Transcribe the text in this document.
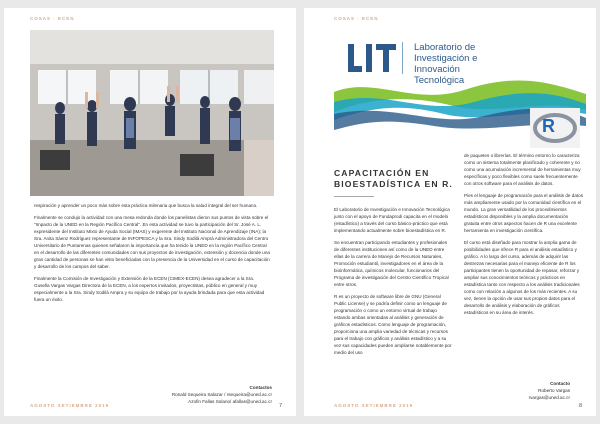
COSAS · ECEN

respiración y aprender un poco más sobre esta práctica milenaria que busca la salud integral del ser humano.

Finalmente se condujo la actividad con una mesa redonda donde los panelistas dieron sus puntos de vista sobre el "Impacto de la UNED en la Región Pacífico Central". En esta actividad se tuvo la participación del Sr. José A. L. expresidente del Instituto Mixto de Ayuda Social (IMAS) y exgerente del Instituto Nacional de Aprendizaje (INA); la Sra. Anita Sáenz Rodríguez representante de INFOPESCA y la Sra. Sindy Sodilá Amprá Administradora del Centro Universitario de Puntarenas quienes señalaron la importancia que ha tenido la UNED en la región Pacífico Central en el desarrollo de las diferentes comunidades con sus proyectos de investigación, extensión y docencia donde una gran cantidad de personas se han visto beneficiadas con la presencia de la Universidad en el curso de capacitación y desarrollo de los campos del saber.

Finalmente la Comisión de Investigación y Extensión de la ECEN (CIMEX-ECEN) desea agradecer a la Sra. Gusella Vargas Vargas Directora de la ECEN, a los expertos invitados, proyectistas, público en general y muy especialmente a la Sra. Sindy Sodilá Ampra y su equipo de trabajo por la ayuda brindada para que esta actividad fuera un éxito.

Contactos
Ronald Sequeira Salazar / rsequeira@uned.ac.cr
Azofin Fallas Solano/ afallas@uned.ac.cr
AGOSTO SETIEMBRE 2019	7
COSAS · ECEN
Laboratorio de
Investigación e
Innovación
Tecnológica
R
CAPACITACIÓN EN BIOESTADÍSTICA EN R.

El Laboratorio de Investigación e Innovación Tecnológica junto con el apoyo de Fundaprodi capacita en el modelo (estadístico) a través del curso básico-práctico que está implementando actualmente sobre bioestadística en R.

Se encuentran participando estudiantes y profesionales de diferentes instituciones así como de la UNED entre ellas de la carrera de Manejo de Recursos Naturales, Promoción estudiantil, investigadores en el área de la bioinformática, químicos molecular, funcionarios del Programa de investigación del Centro Científico Tropical entre otros.

R es un proyecto de software libre de GNU (General Public License) y se podría definir como un lenguaje de programación o como un entorno virtual de trabajo estando ambas orientadas al análisis y generación de gráficos estadísticos. Como lenguaje de programación, proporciona una amplia variedad de técnicas y recursos para el trabajo con gráficos y análisis estadístico y a su vez sus capacidades pueden ampliarse notablemente por medio del uso

de paquetes o librerías. El término entorno lo caracteriza como un sistema totalmente planificado y coherente y no como una acumulación incremental de herramientas muy específicas y poco flexibles como suele frecuentemente con otros software para el análisis de datos.

Pies el lenguaje de programación para el análisis de datos más ampliamente usado por la comunidad científica en el mundo. La gran versatilidad de los procedimientos estadísticos disponibles y la amplia documentación gratuita entre otros aspectos hacen de R una excelente herramienta en investigación científica.

El curso está diseñado para mostrar la amplia gama de posibilidades que ofrece R para el análisis estadístico y gráfico. A lo largo del curso, además de adquirir las destrezas necesarias para el manejo eficiente de R los participantes tienen la oportunidad de repasar, reforzar y ampliar sus conocimientos teóricos y prácticos en estadística tanto con respecto a los análisis tradicionales como con relación a algunos de los más recientes. A su vez, tienen la opción de usar sus propios datos para el desarrollo de análisis y elaboración de gráficos estadísticos en su área de interés.

Contacto
Roberto Vargas
rvargas@uned.ac.cr
AGOSTO SETIEMBRE 2019	8
